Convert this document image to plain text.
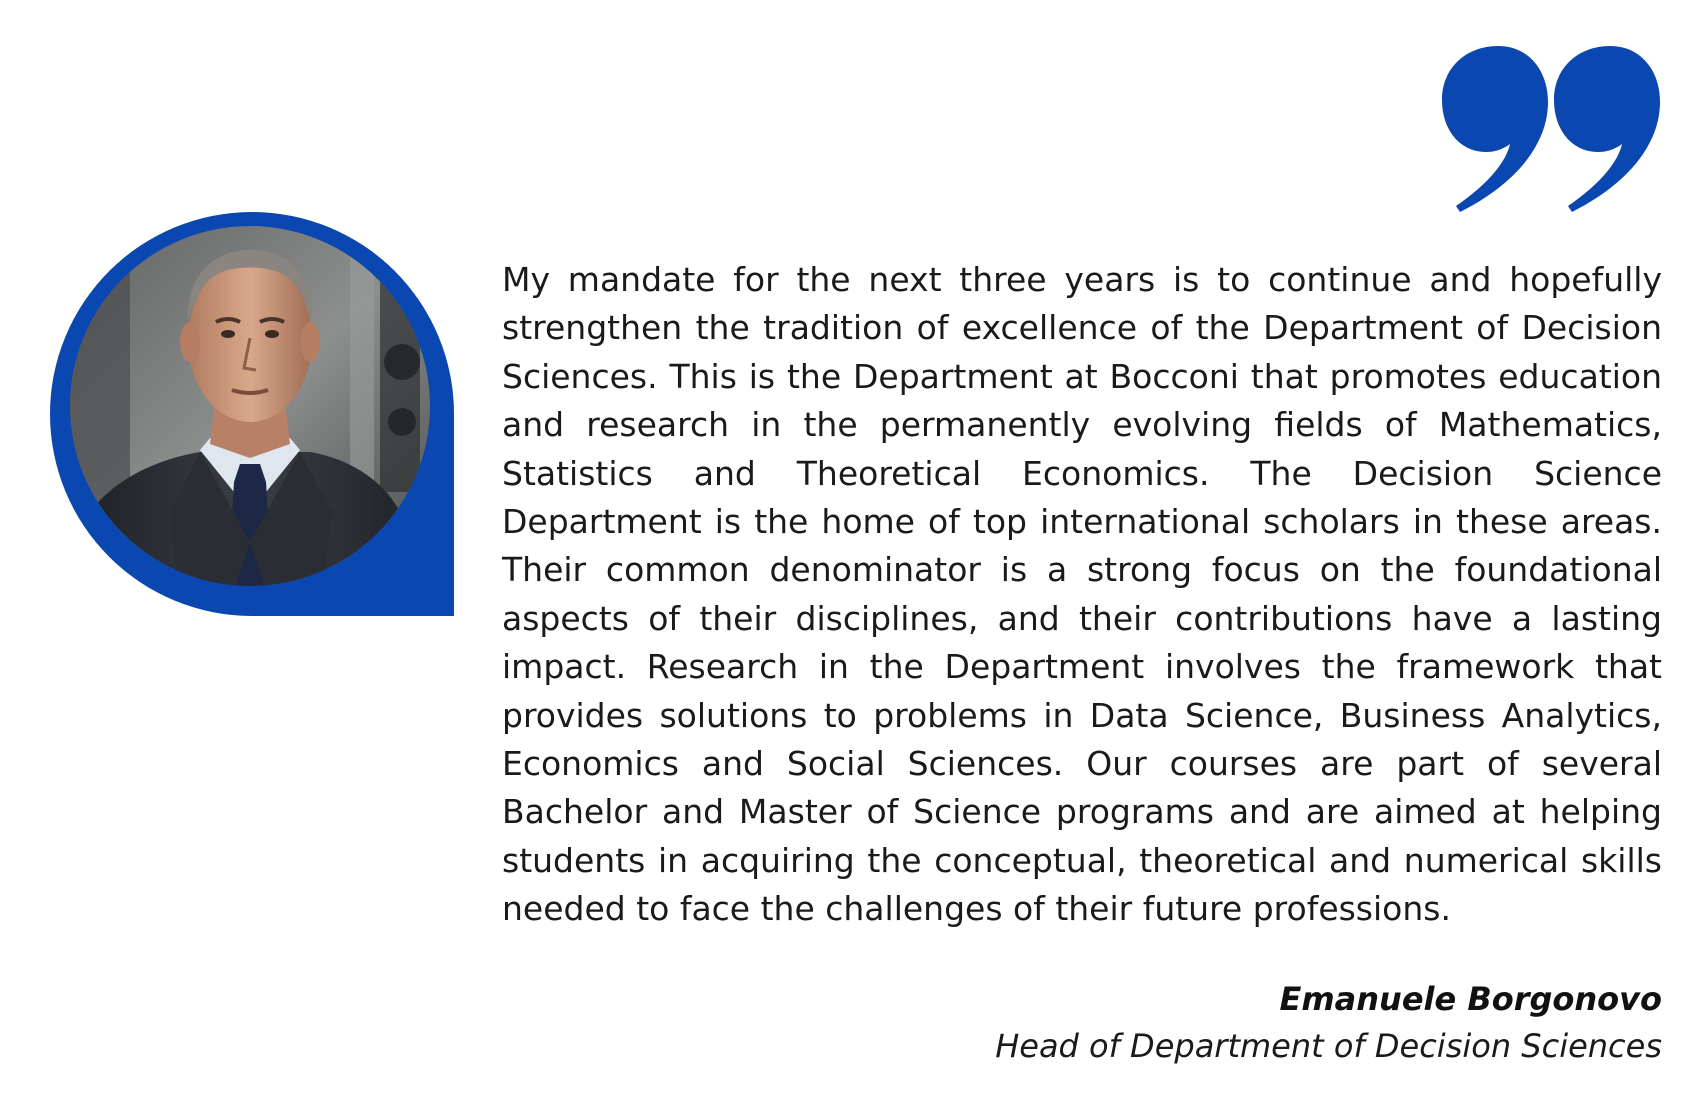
My mandate for the next three years is to continue and hopefully strengthen the tradition of excellence of the Department of Decision Sciences. This is the Department at Bocconi that promotes education and research in the permanently evolving fields of Mathematics, Statistics and Theoretical Economics. The Decision Science Department is the home of top international scholars in these areas. Their common denominator is a strong focus on the foundational aspects of their disciplines, and their contributions have a lasting impact. Research in the Department involves the framework that provides solutions to problems in Data Science, Business Analytics, Economics and Social Sciences. Our courses are part of several Bachelor and Master of Science programs and are aimed at helping students in acquiring the conceptual, theoretical and numerical skills needed to face the challenges of their future professions.

Emanuele Borgonovo
Head of Department of Decision Sciences
